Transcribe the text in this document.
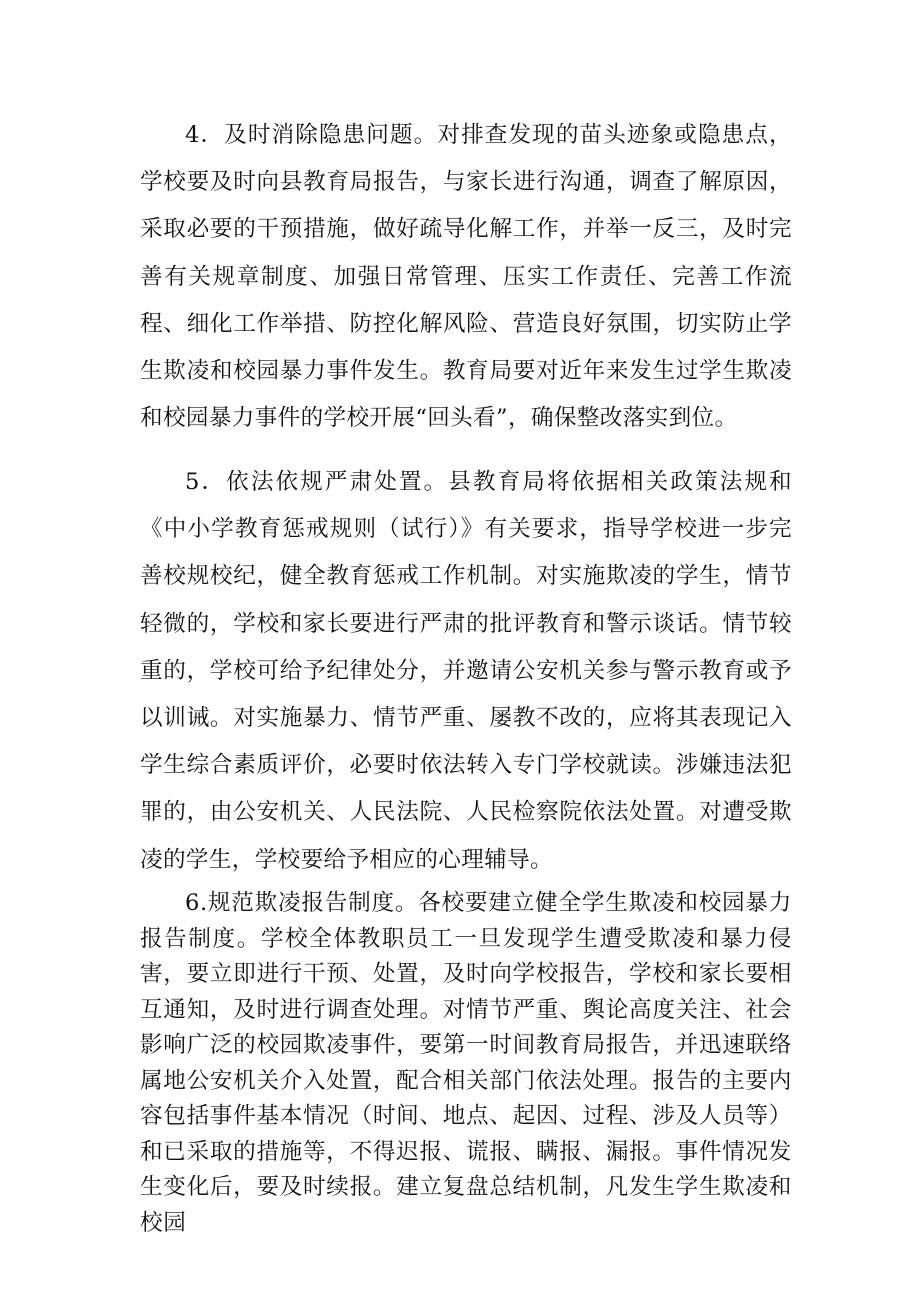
4．及时消除隐患问题。对排查发现的苗头迹象或隐患点，学校要及时向县教育局报告，与家长进行沟通，调查了解原因，采取必要的干预措施，做好疏导化解工作，并举一反三，及时完善有关规章制度、加强日常管理、压实工作责任、完善工作流程、细化工作举措、防控化解风险、营造良好氛围，切实防止学生欺凌和校园暴力事件发生。教育局要对近年来发生过学生欺凌和校园暴力事件的学校开展“回头看”，确保整改落实到位。

5．依法依规严肃处置。县教育局将依据相关政策法规和《中小学教育惩戒规则（试行）》有关要求，指导学校进一步完善校规校纪，健全教育惩戒工作机制。对实施欺凌的学生，情节轻微的，学校和家长要进行严肃的批评教育和警示谈话。情节较重的，学校可给予纪律处分，并邀请公安机关参与警示教育或予以训诫。对实施暴力、情节严重、屡教不改的，应将其表现记入学生综合素质评价，必要时依法转入专门学校就读。涉嫌违法犯罪的，由公安机关、人民法院、人民检察院依法处置。对遭受欺凌的学生，学校要给予相应的心理辅导。

6.规范欺凌报告制度。各校要建立健全学生欺凌和校园暴力报告制度。学校全体教职员工一旦发现学生遭受欺凌和暴力侵害，要立即进行干预、处置，及时向学校报告，学校和家长要相互通知，及时进行调查处理。对情节严重、舆论高度关注、社会影响广泛的校园欺凌事件，要第一时间教育局报告，并迅速联络属地公安机关介入处置，配合相关部门依法处理。报告的主要内容包括事件基本情况（时间、地点、起因、过程、涉及人员等）和已采取的措施等，不得迟报、谎报、瞒报、漏报。事件情况发生变化后，要及时续报。建立复盘总结机制，凡发生学生欺凌和校园
